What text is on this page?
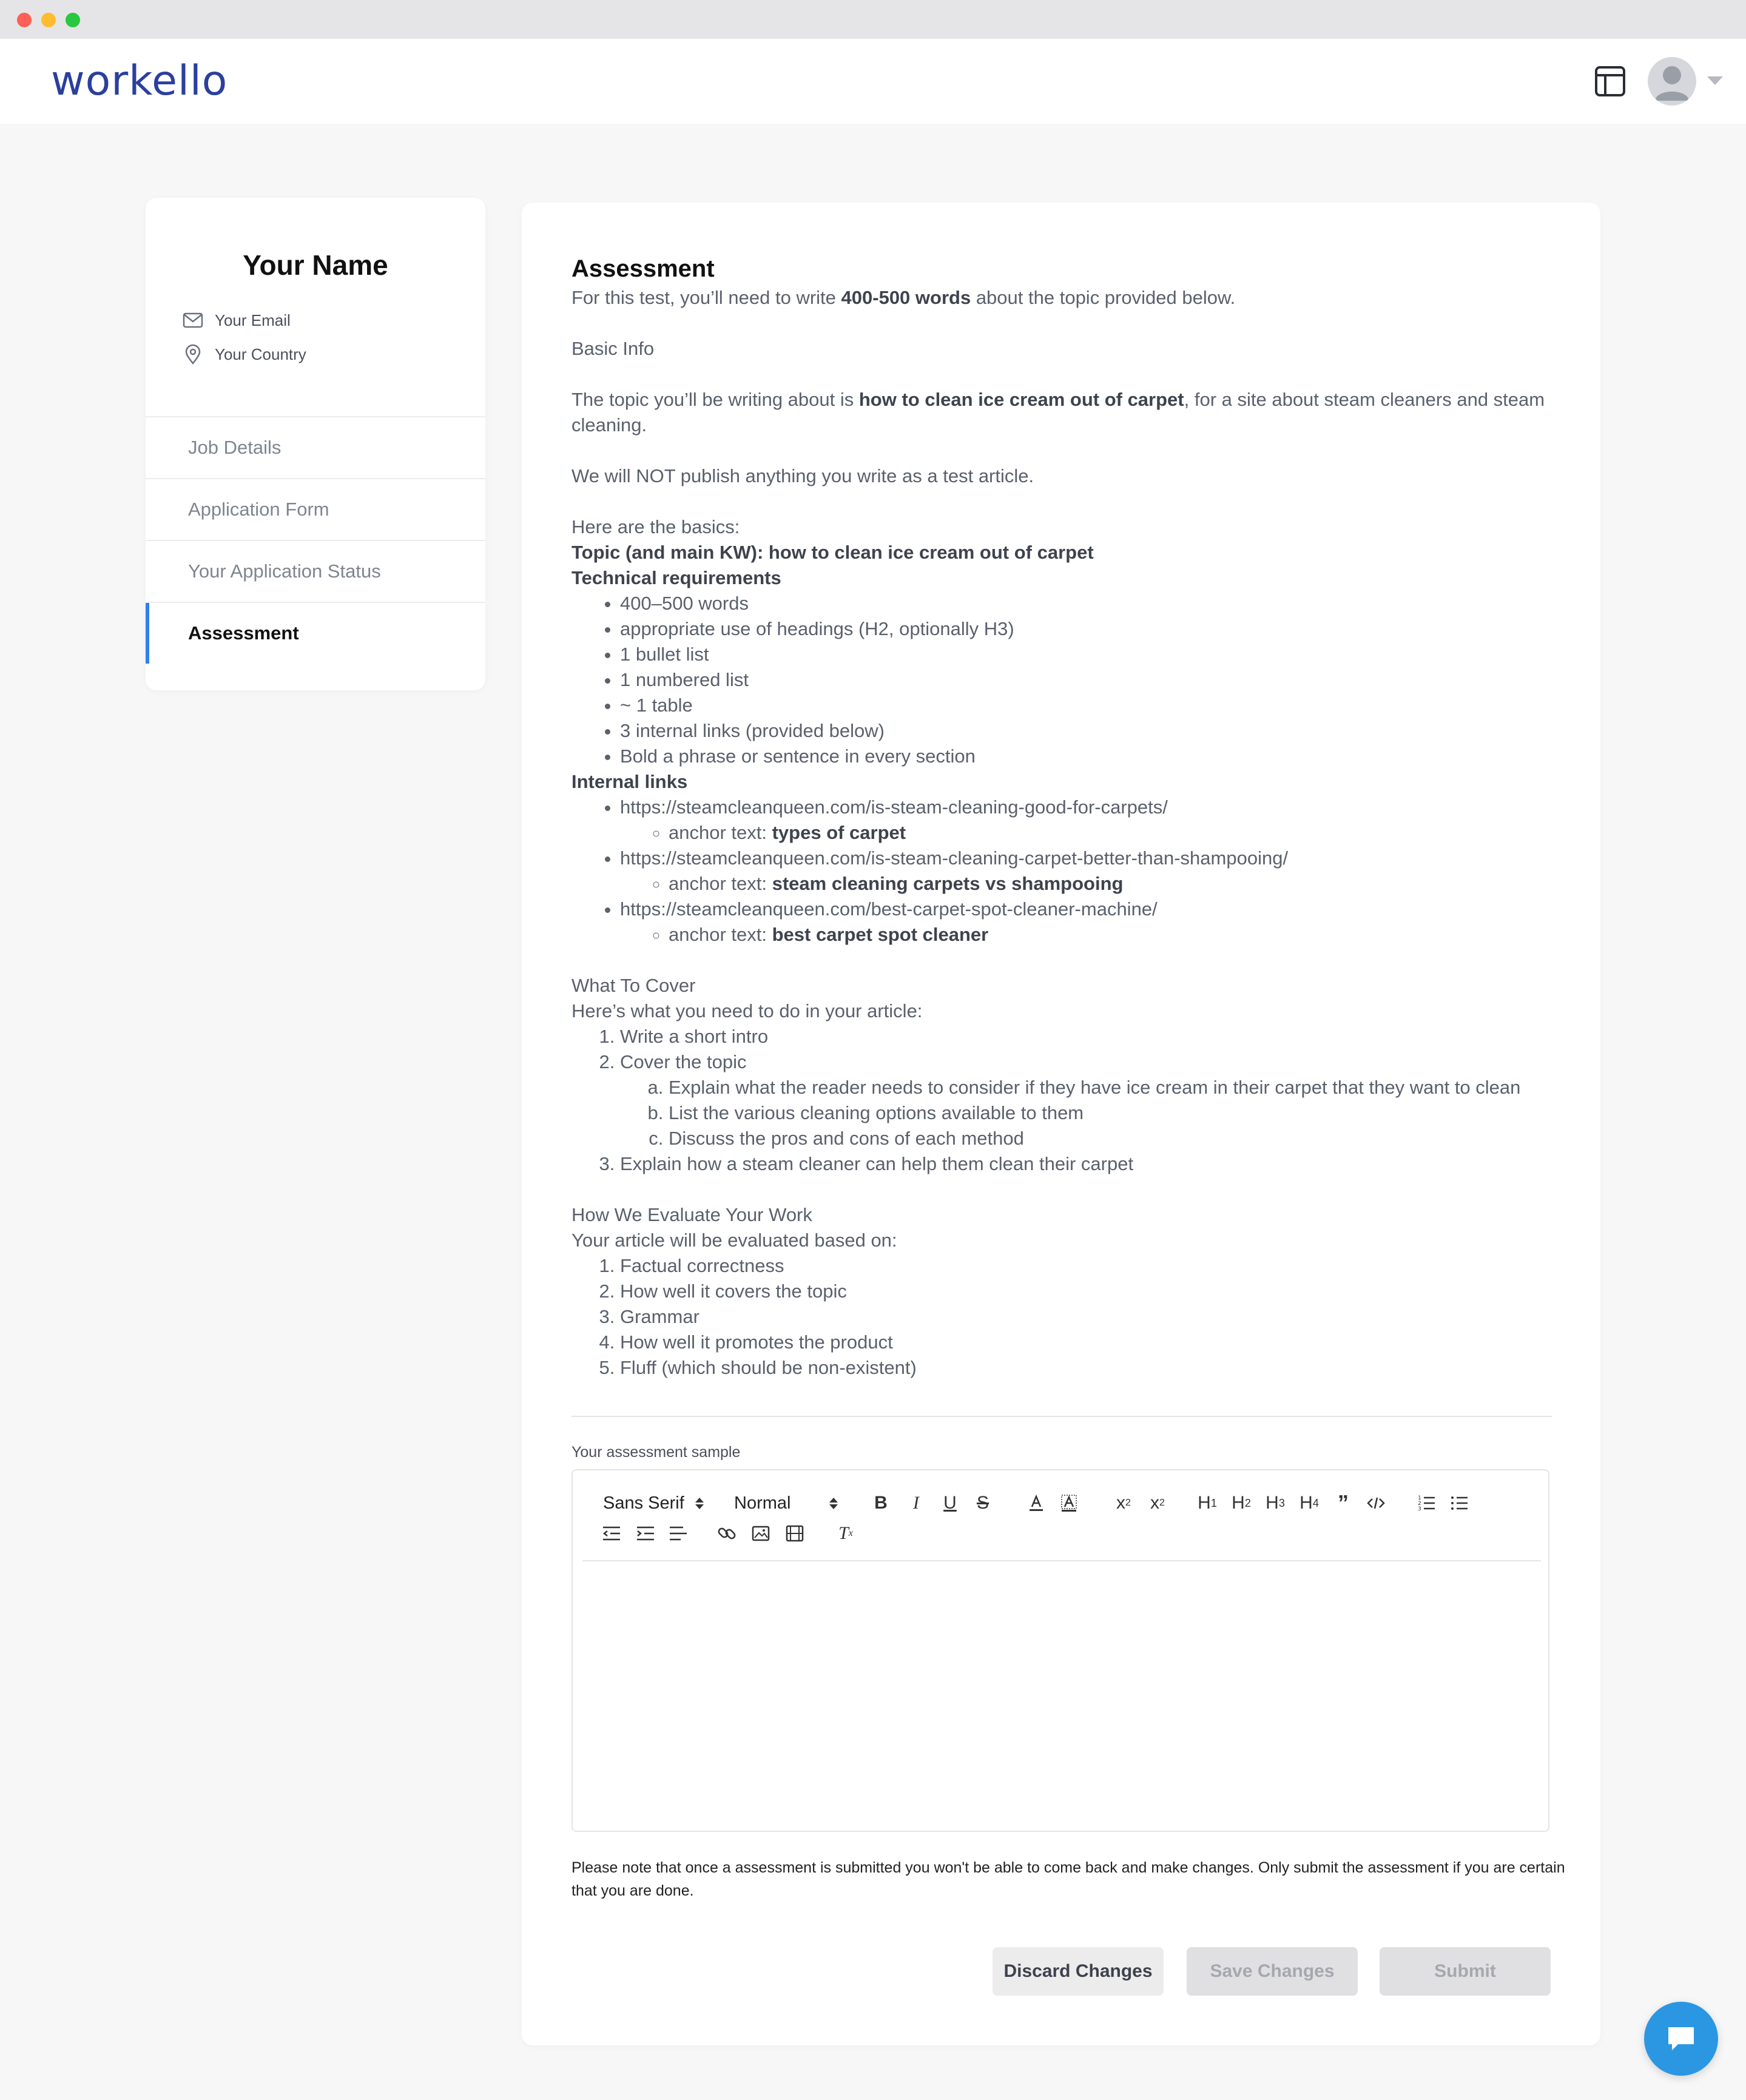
workello
Your Name
Your Email
Your Country
Job Details
Application Form
Your Application Status
Assessment
Assessment

For this test, you’ll need to write 400-500 words about the topic provided below.

Basic Info

The topic you’ll be writing about is how to clean ice cream out of carpet, for a site about steam cleaners and steam cleaning.

We will NOT publish anything you write as a test article.

Here are the basics:

Topic (and main KW): how to clean ice cream out of carpet

Technical requirements

• 400–500 words
• appropriate use of headings (H2, optionally H3)
• 1 bullet list
• 1 numbered list
• ~ 1 table
• 3 internal links (provided below)
• Bold a phrase or sentence in every section

Internal links

• https://steamcleanqueen.com/is-steam-cleaning-good-for-carpets/
◦ anchor text: types of carpet
• https://steamcleanqueen.com/is-steam-cleaning-carpet-better-than-shampooing/
◦ anchor text: steam cleaning carpets vs shampooing
• https://steamcleanqueen.com/best-carpet-spot-cleaner-machine/
◦ anchor text: best carpet spot cleaner

What To Cover

Here’s what you need to do in your article:

1. Write a short intro
2. Cover the topic
a. Explain what the reader needs to consider if they have ice cream in their carpet that they want to clean
b. List the various cleaning options available to them
c. Discuss the pros and cons of each method
3. Explain how a steam cleaner can help them clean their carpet

How We Evaluate Your Work

Your article will be evaluated based on:

1. Factual correctness
2. How well it covers the topic
3. Grammar
4. How well it promotes the product
5. Fluff (which should be non-existent)
Your assessment sample
Sans Serif	Normal	B	I	U	S	x 2	x 2 H 1 H 2 H 3 H 4 ”	1
2
3
T x
Please note that once a assessment is submitted you won't be able to come back and make changes. Only submit the assessment if you are certain that you are done.
Discard Changes	Save Changes	Submit
